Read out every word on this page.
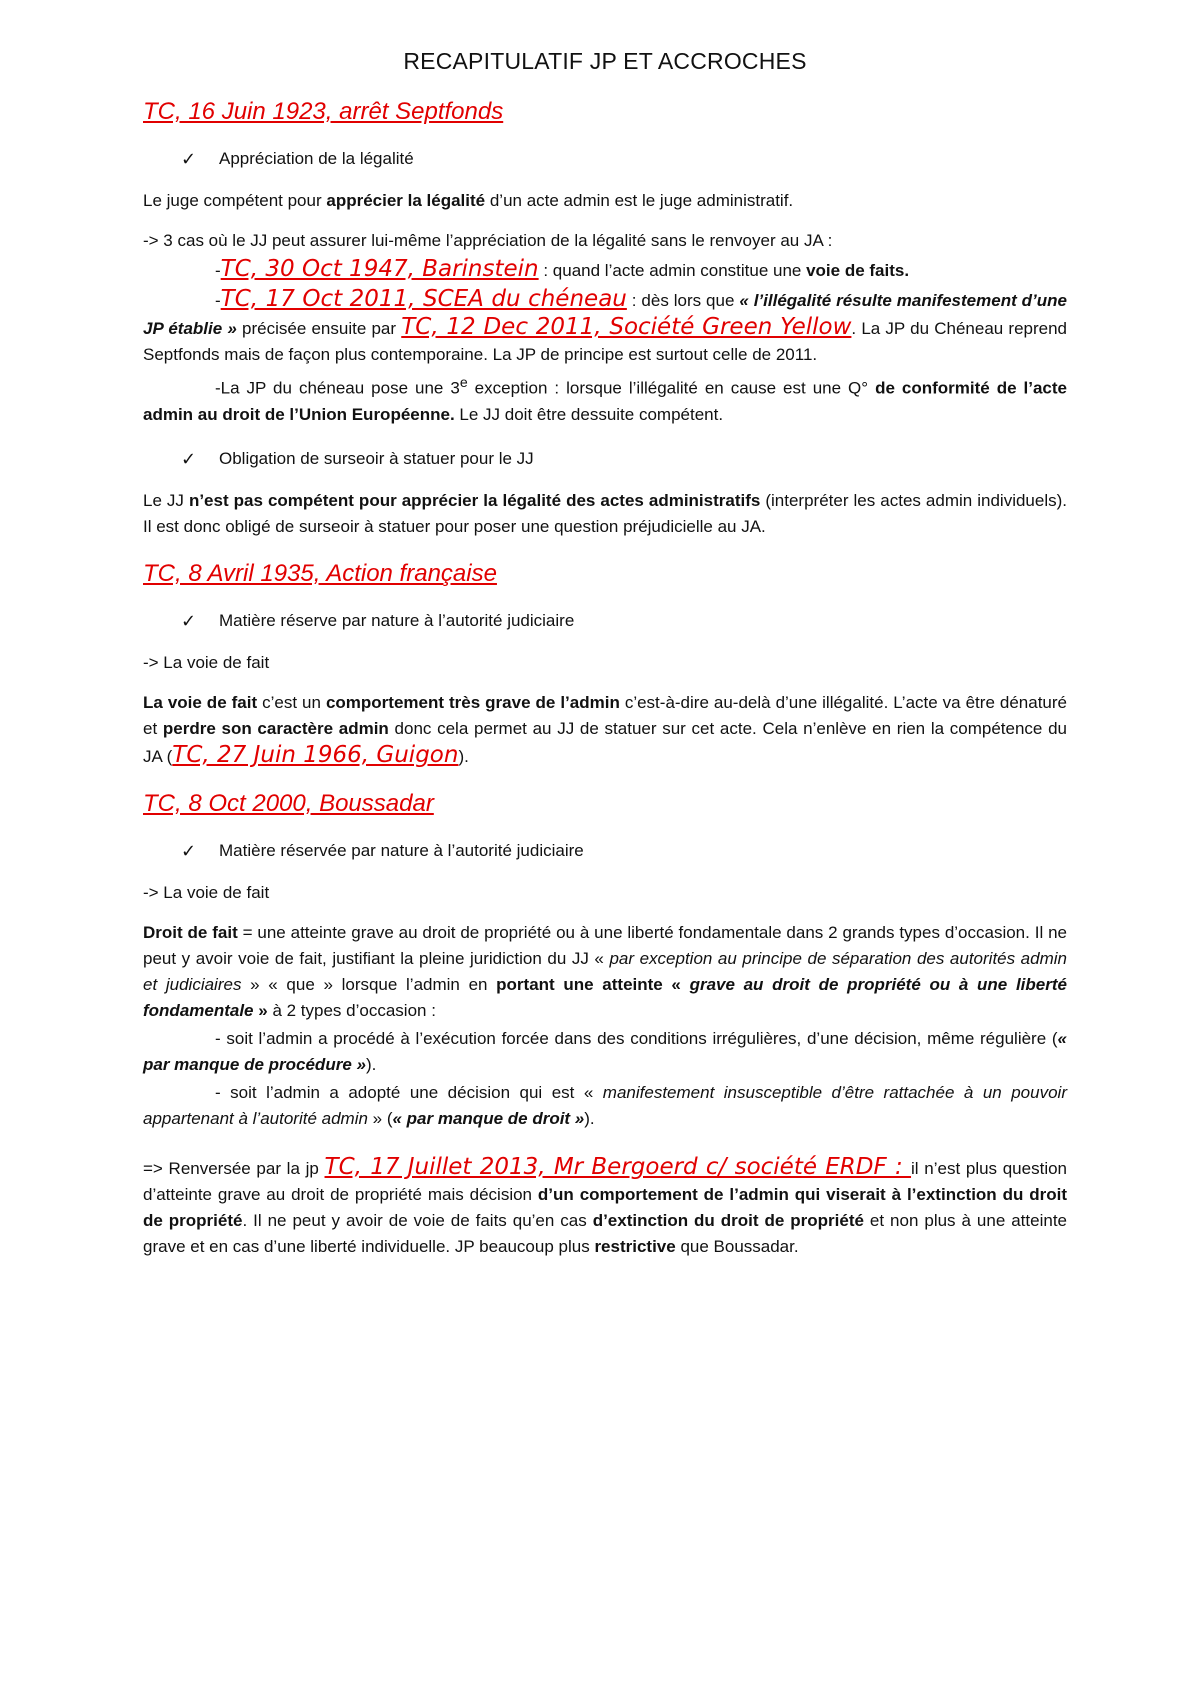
RECAPITULATIF JP ET ACCROCHES
TC, 16 Juin 1923, arrêt Septfonds
✓	Appréciation de la légalité

Le juge compétent pour apprécier la légalité d’un acte admin est le juge administratif.

-> 3 cas où le JJ peut assurer lui-même l’appréciation de la légalité sans le renvoyer au JA :

-TC, 30 Oct 1947, Barinstein : quand l’acte admin constitue une voie de faits.

-TC, 17 Oct 2011, SCEA du chéneau : dès lors que « l’illégalité résulte manifestement d’une JP établie » précisée ensuite par TC, 12 Dec 2011, Société Green Yellow. La JP du Chéneau reprend Septfonds mais de façon plus contemporaine. La JP de principe est surtout celle de 2011.

-La JP du chéneau pose une 3e exception : lorsque l’illégalité en cause est une Q° de conformité de l’acte admin au droit de l’Union Européenne. Le JJ doit être dessuite compétent.

✓	Obligation de surseoir à statuer pour le JJ

Le JJ n’est pas compétent pour apprécier la légalité des actes administratifs (interpréter les actes admin individuels). Il est donc obligé de surseoir à statuer pour poser une question préjudicielle au JA.

TC, 8 Avril 1935, Action française
✓	Matière réserve par nature à l’autorité judiciaire

-> La voie de fait

La voie de fait c’est un comportement très grave de l’admin c’est-à-dire au-delà d’une illégalité. L’acte va être dénaturé et perdre son caractère admin donc cela permet au JJ de statuer sur cet acte. Cela n’enlève en rien la compétence du JA (TC, 27 Juin 1966, Guigon).

TC, 8 Oct 2000, Boussadar
✓	Matière réservée par nature à l’autorité judiciaire

-> La voie de fait

Droit de fait = une atteinte grave au droit de propriété ou à une liberté fondamentale dans 2 grands types d’occasion. Il ne peut y avoir voie de fait, justifiant la pleine juridiction du JJ « par exception au principe de séparation des autorités admin et judiciaires » « que » lorsque l’admin en portant une atteinte « grave au droit de propriété ou à une liberté fondamentale » à 2 types d’occasion :

- soit l’admin a procédé à l’exécution forcée dans des conditions irrégulières, d’une décision, même régulière (« par manque de procédure »).

- soit l’admin a adopté une décision qui est « manifestement insusceptible d’être rattachée à un pouvoir appartenant à l’autorité admin » (« par manque de droit »).

=> Renversée par la jp TC, 17 Juillet 2013, Mr Bergoerd c/ société ERDF : il n’est plus question d’atteinte grave au droit de propriété mais décision d’un comportement de l’admin qui viserait à l’extinction du droit de propriété. Il ne peut y avoir de voie de faits qu’en cas d’extinction du droit de propriété et non plus à une atteinte grave et en cas d’une liberté individuelle. JP beaucoup plus restrictive que Boussadar.
